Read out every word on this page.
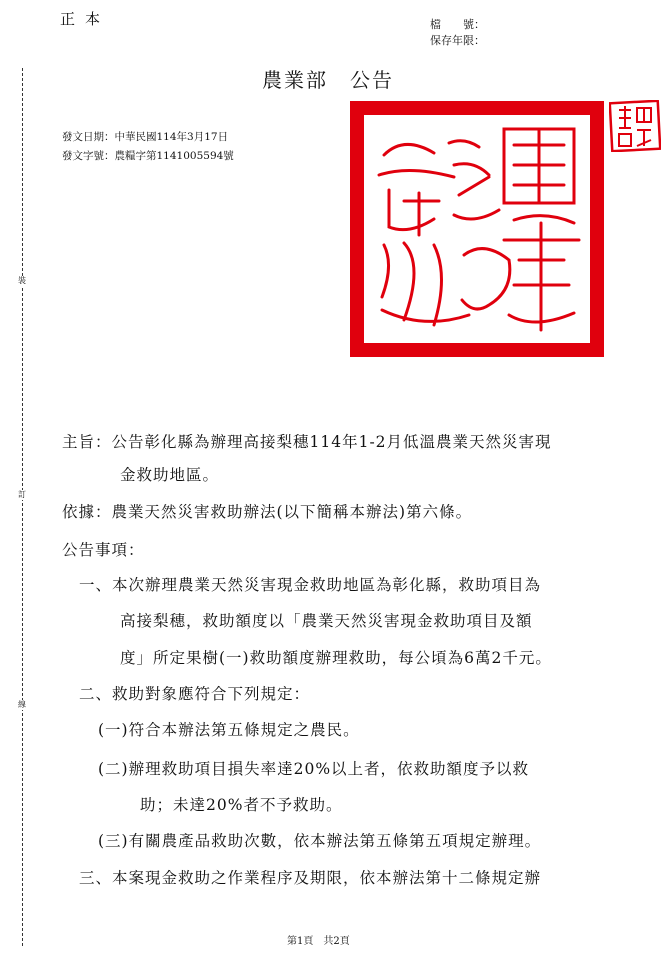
正本	檔　　號：
保存年限：
農業部　公告
發文日期：中華民國114年3月17日
發文字號：農糧字第1141005594號
裝
訂
線
主旨：公告彰化縣為辦理高接梨穗114年1-2月低溫農業天然災害現
金救助地區。
依據：農業天然災害救助辦法(以下簡稱本辦法)第六條。
公告事項：
一、本次辦理農業天然災害現金救助地區為彰化縣，救助項目為
高接梨穗，救助額度以「農業天然災害現金救助項目及額
度」所定果樹(一)救助額度辦理救助，每公頃為6萬2千元。
二、救助對象應符合下列規定：
(一)符合本辦法第五條規定之農民。
(二)辦理救助項目損失率達20%以上者，依救助額度予以救
助；未達20%者不予救助。
(三)有關農產品救助次數，依本辦法第五條第五項規定辦理。
三、本案現金救助之作業程序及期限，依本辦法第十二條規定辦
第1頁　共2頁
